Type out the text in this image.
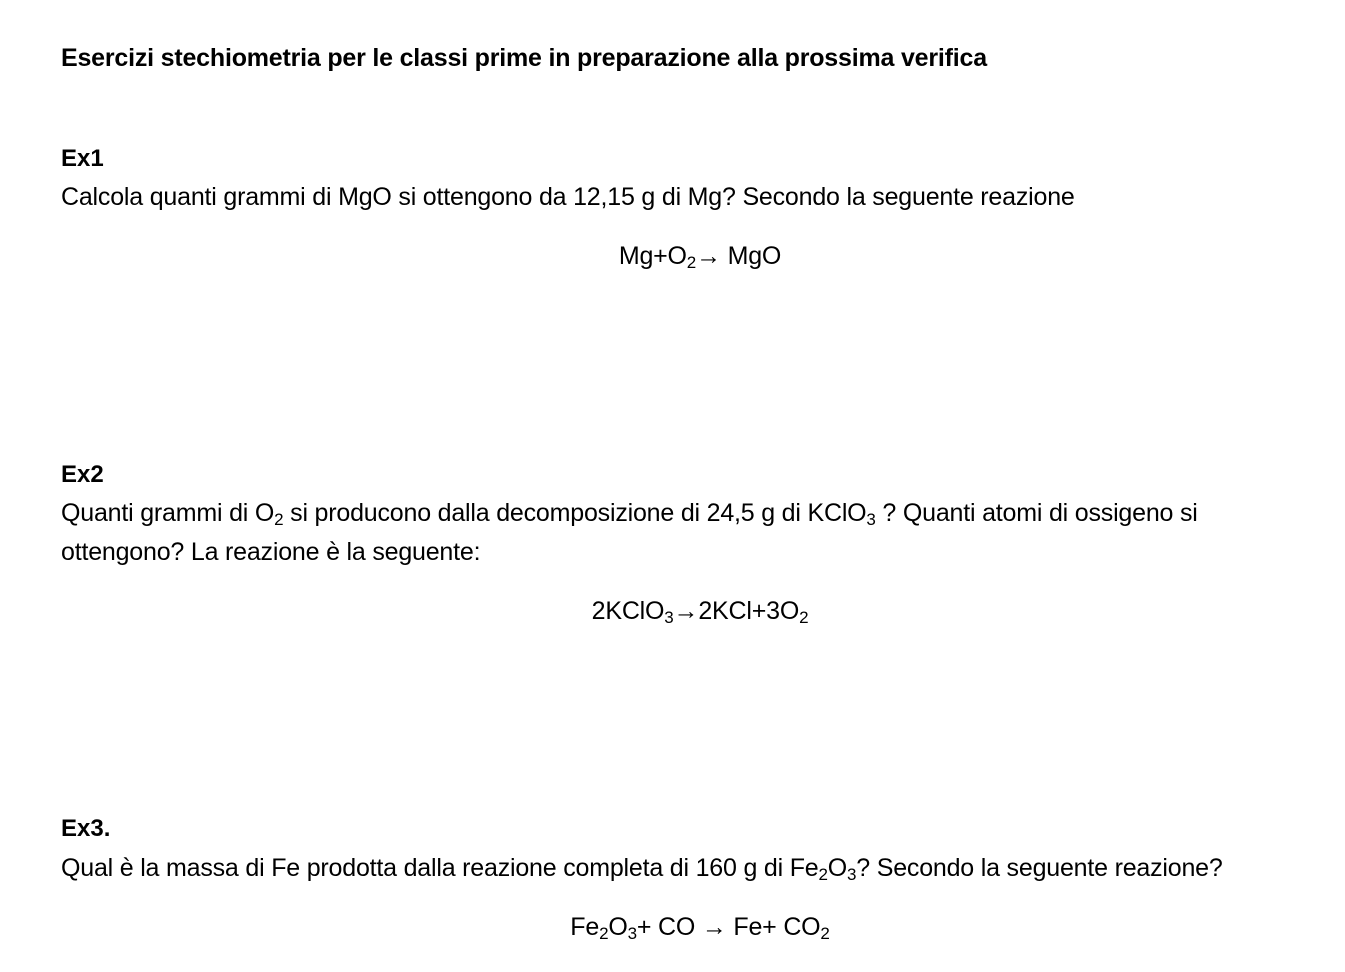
Esercizi stechiometria per le classi prime in preparazione alla prossima verifica
Ex1
Calcola quanti grammi di MgO si ottengono da 12,15 g di Mg? Secondo la seguente reazione
$Mg+O_2\to$ MgO
Ex2
Quanti grammi di $O_2$ si producono dalla decomposizione di 24,5 g di KClO$_3$ ? Quanti atomi di ossigeno si ottengono? La reazione è la seguente:
$2KClO_3\to 2KCl+3O_2$
Ex3.
Qual è la massa di Fe prodotta dalla reazione completa di 160 g di $Fe_2O_3$? Secondo la seguente reazione?
$Fe_2O_3+$ CO → $Fe+ CO_2$
